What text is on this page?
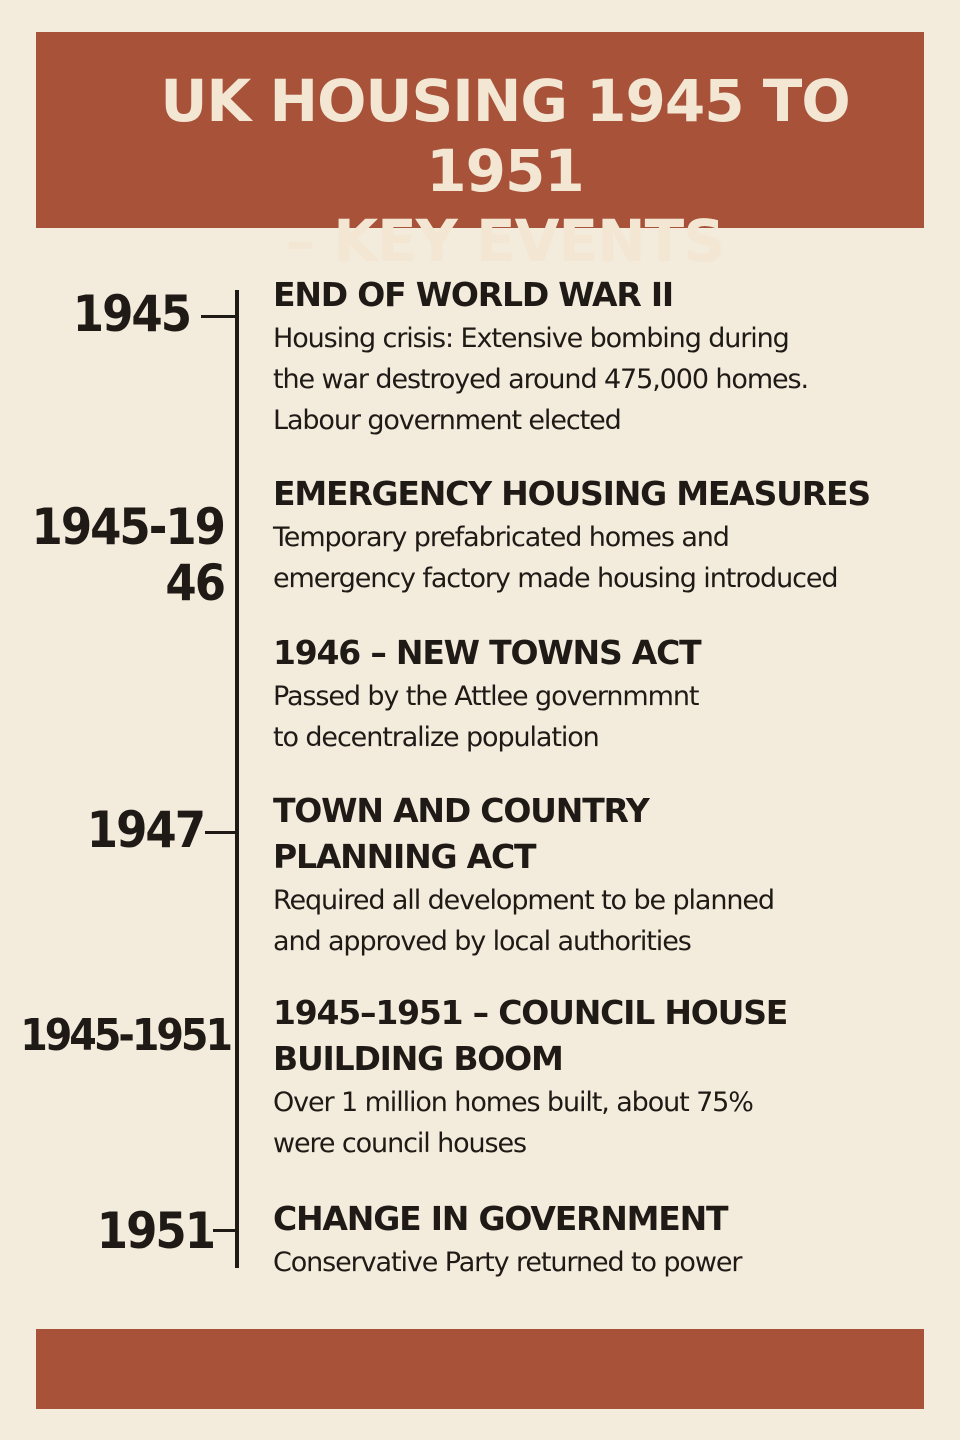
UK HOUSING 1945 TO 1951
– KEY EVENTS
1945
1945-19
46
1947
1945-1951
1951
END OF WORLD WAR II

Housing crisis: Extensive bombing during
the war destroyed around 475,000 homes.
Labour government elected

EMERGENCY HOUSING MEASURES

Temporary prefabricated homes and
emergency factory made housing introduced

1946 – NEW TOWNS ACT

Passed by the Attlee governmmnt
to decentralize population

TOWN AND COUNTRY
PLANNING ACT

Required all development to be planned
and approved by local authorities

1945–1951 – COUNCIL HOUSE
BUILDING BOOM

Over 1 million homes built, about 75%
were council houses

CHANGE IN GOVERNMENT

Conservative Party returned to power
